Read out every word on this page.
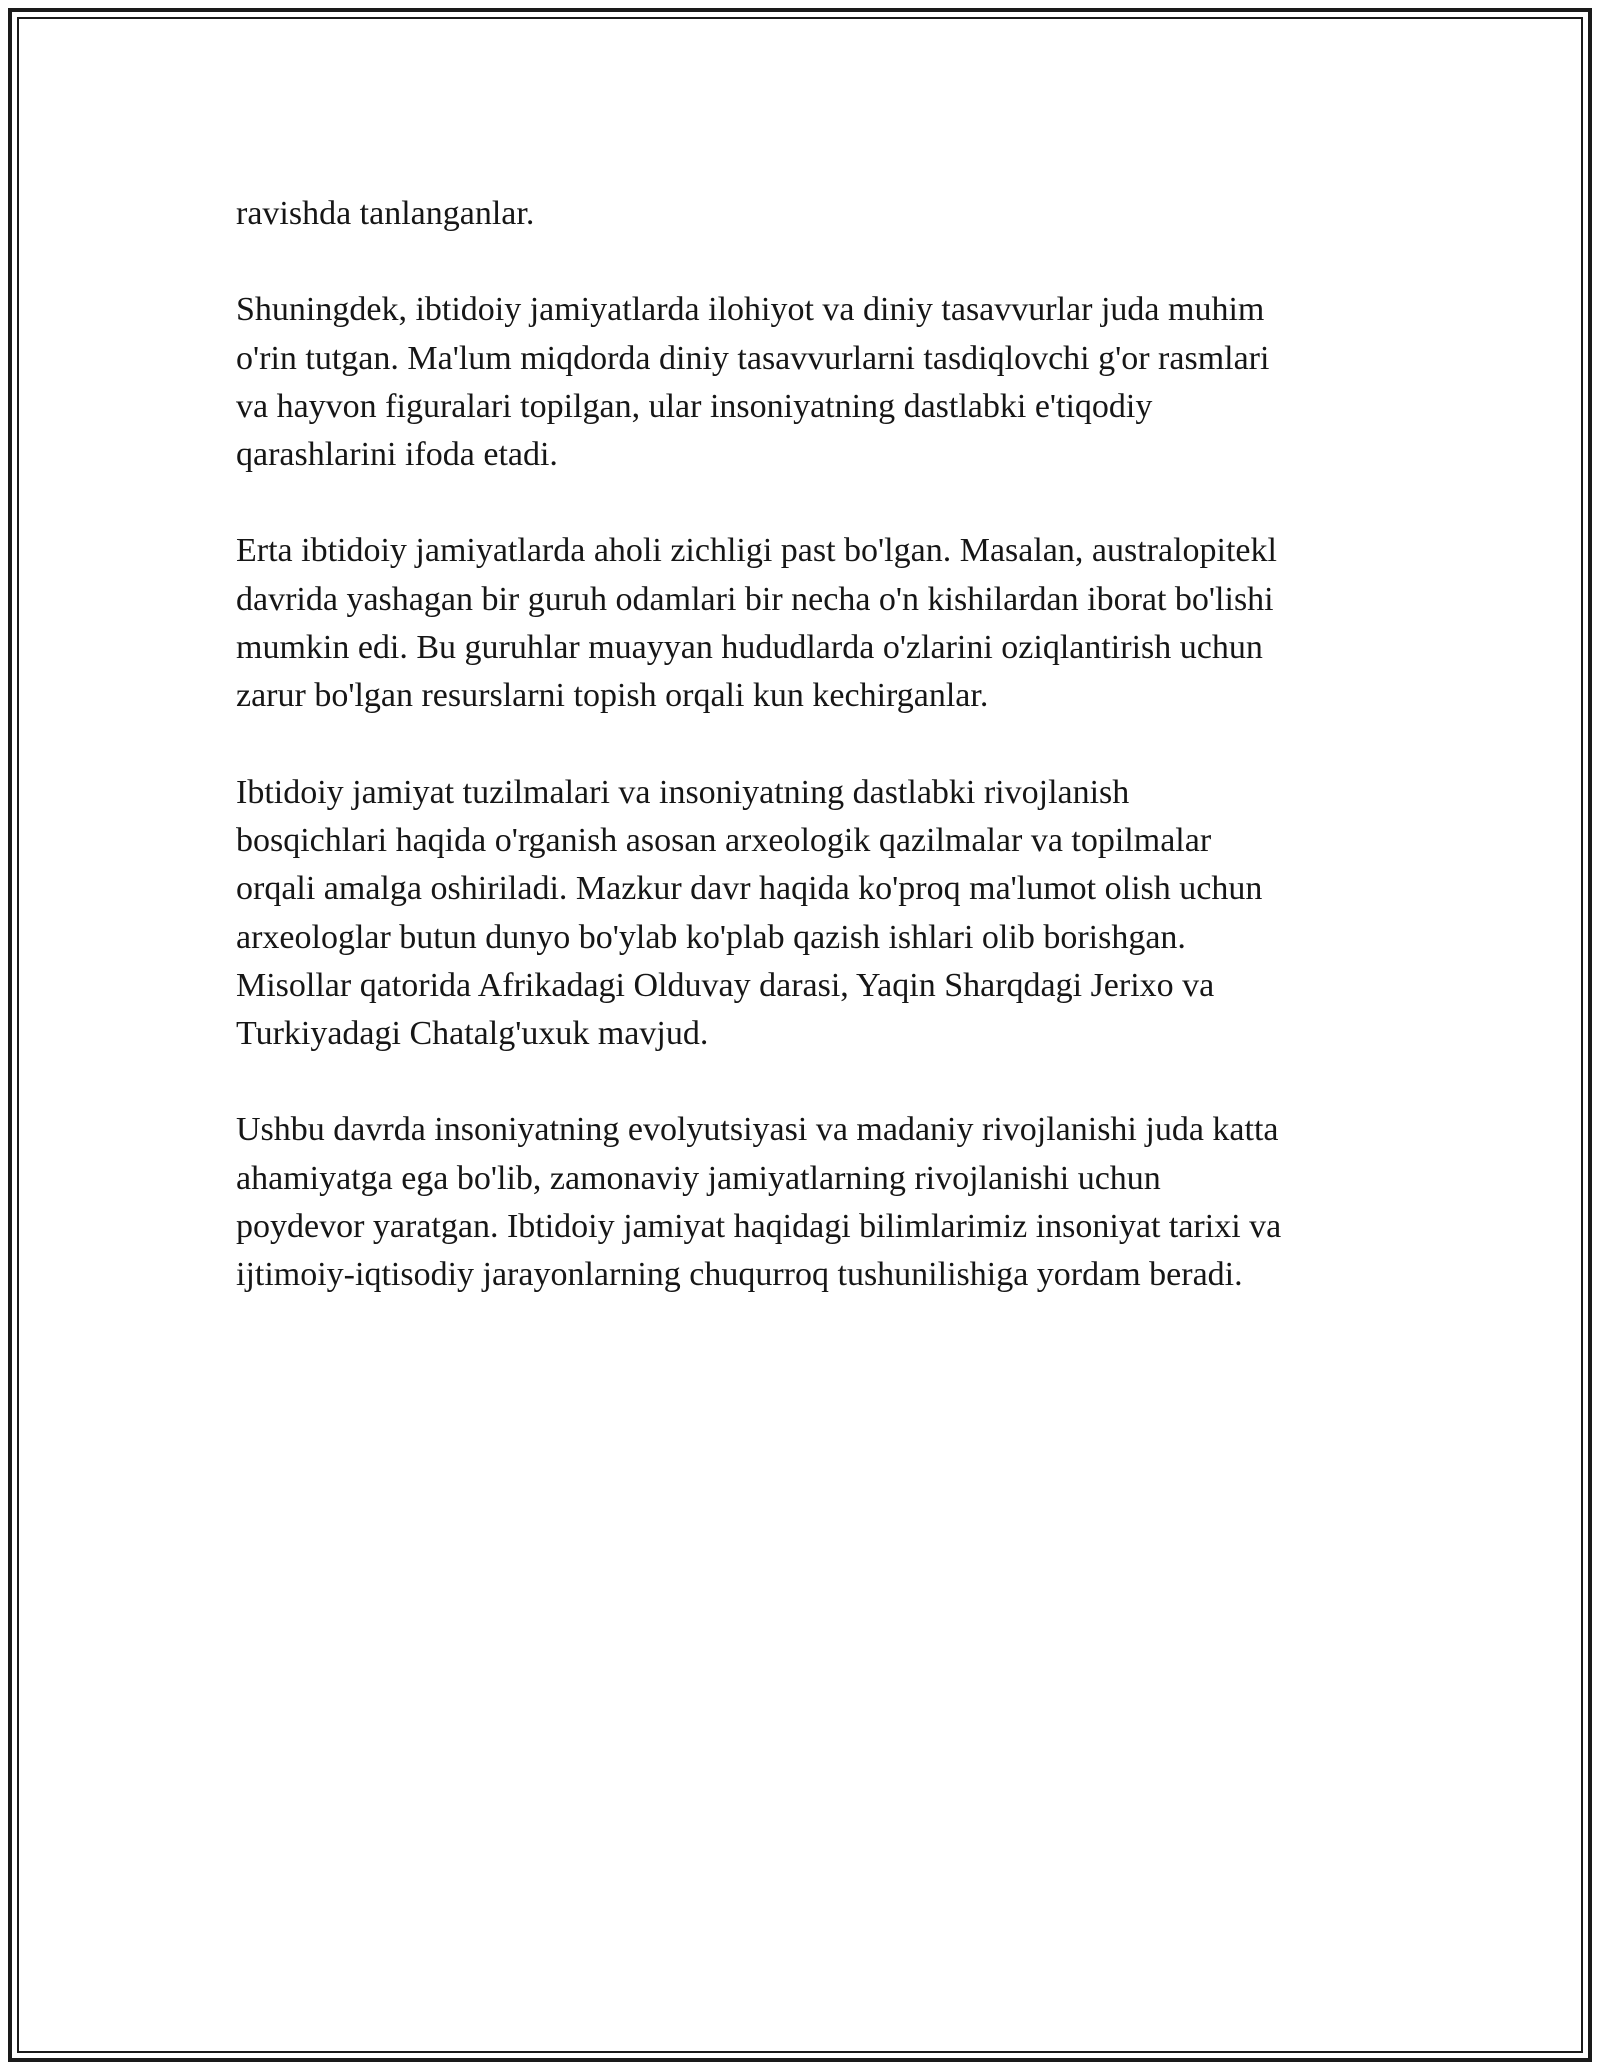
ravishda tanlanganlar.

Shuningdek, ibtidoiy jamiyatlarda ilohiyot va diniy tasavvurlar juda muhim
o'rin tutgan. Ma'lum miqdorda diniy tasavvurlarni tasdiqlovchi g'or rasmlari
va hayvon figuralari topilgan, ular insoniyatning dastlabki e'tiqodiy
qarashlarini ifoda etadi.

Erta ibtidoiy jamiyatlarda aholi zichligi past bo'lgan. Masalan, australopitekl
davrida yashagan bir guruh odamlari bir necha o'n kishilardan iborat bo'lishi
mumkin edi. Bu guruhlar muayyan hududlarda o'zlarini oziqlantirish uchun
zarur bo'lgan resurslarni topish orqali kun kechirganlar.

Ibtidoiy jamiyat tuzilmalari va insoniyatning dastlabki rivojlanish
bosqichlari haqida o'rganish asosan arxeologik qazilmalar va topilmalar
orqali amalga oshiriladi. Mazkur davr haqida ko'proq ma'lumot olish uchun
arxeologlar butun dunyo bo'ylab ko'plab qazish ishlari olib borishgan.
Misollar qatorida Afrikadagi Olduvay darasi, Yaqin Sharqdagi Jerixo va
Turkiyadagi Chatalg'uxuk mavjud.

Ushbu davrda insoniyatning evolyutsiyasi va madaniy rivojlanishi juda katta
ahamiyatga ega bo'lib, zamonaviy jamiyatlarning rivojlanishi uchun
poydevor yaratgan. Ibtidoiy jamiyat haqidagi bilimlarimiz insoniyat tarixi va
ijtimoiy-iqtisodiy jarayonlarning chuqurroq tushunilishiga yordam beradi.
